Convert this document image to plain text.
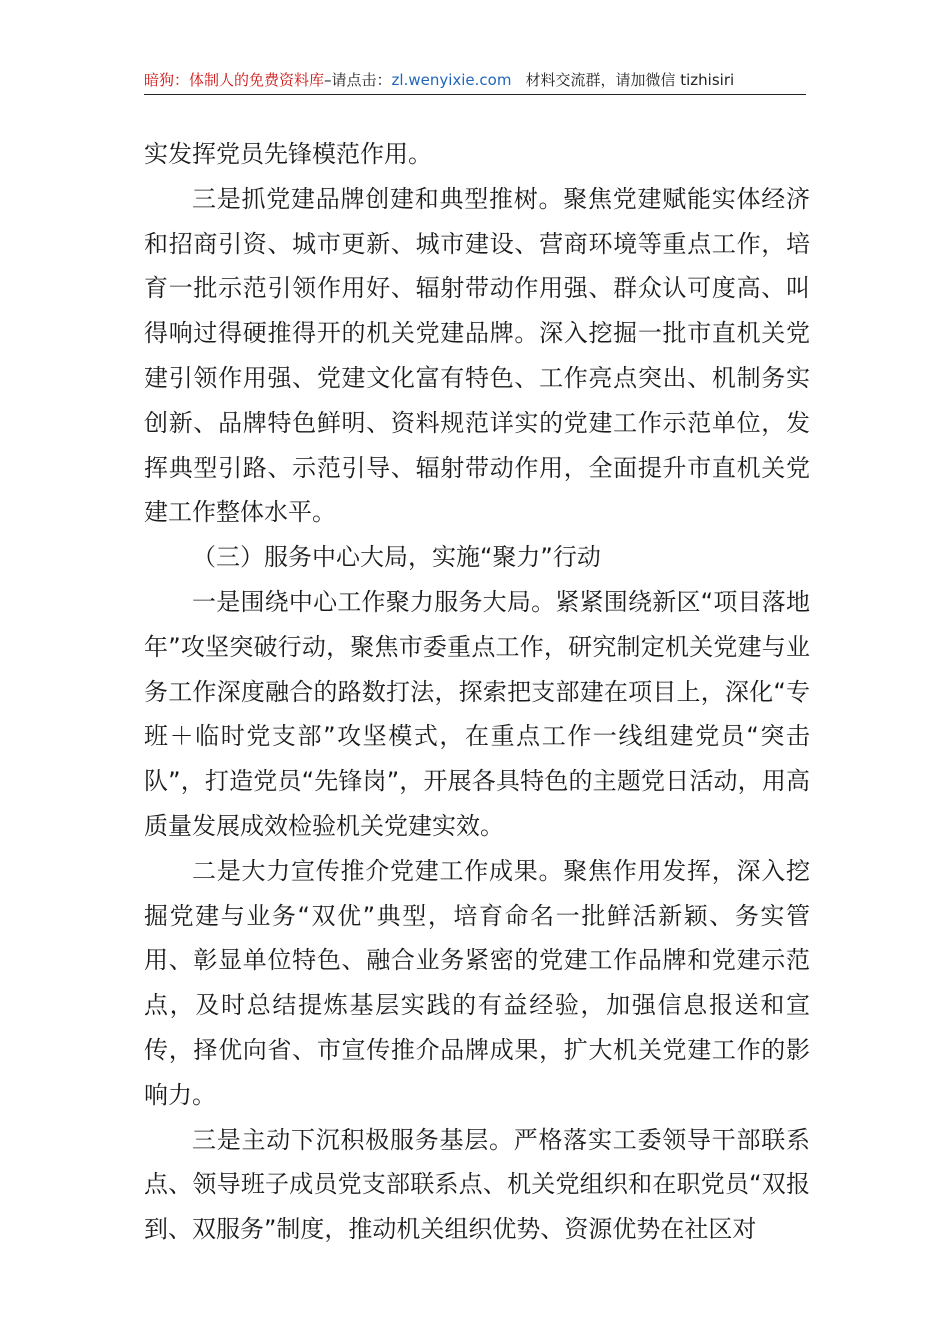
暗狗：体制人的免费资料库–请点击：zl.wenyixie.com 材料交流群，请加微信 tizhisiri

实发挥党员先锋模范作用。

三是抓党建品牌创建和典型推树。聚焦党建赋能实体经济和招商引资、城市更新、城市建设、营商环境等重点工作，培育一批示范引领作用好、辐射带动作用强、群众认可度高、叫得响过得硬推得开的机关党建品牌。深入挖掘一批市直机关党建引领作用强、党建文化富有特色、工作亮点突出、机制务实创新、品牌特色鲜明、资料规范详实的党建工作示范单位，发挥典型引路、示范引导、辐射带动作用，全面提升市直机关党建工作整体水平。

（三）服务中心大局，实施“聚力”行动

一是围绕中心工作聚力服务大局。紧紧围绕新区“项目落地年”攻坚突破行动，聚焦市委重点工作，研究制定机关党建与业务工作深度融合的路数打法，探索把支部建在项目上，深化“专班＋临时党支部”攻坚模式，在重点工作一线组建党员“突击队”，打造党员“先锋岗”，开展各具特色的主题党日活动，用高质量发展成效检验机关党建实效。

二是大力宣传推介党建工作成果。聚焦作用发挥，深入挖掘党建与业务“双优”典型，培育命名一批鲜活新颖、务实管用、彰显单位特色、融合业务紧密的党建工作品牌和党建示范点，及时总结提炼基层实践的有益经验，加强信息报送和宣传，择优向省、市宣传推介品牌成果，扩大机关党建工作的影响力。

三是主动下沉积极服务基层。严格落实工委领导干部联系点、领导班子成员党支部联系点、机关党组织和在职党员“双报到、双服务”制度，推动机关组织优势、资源优势在社区对
